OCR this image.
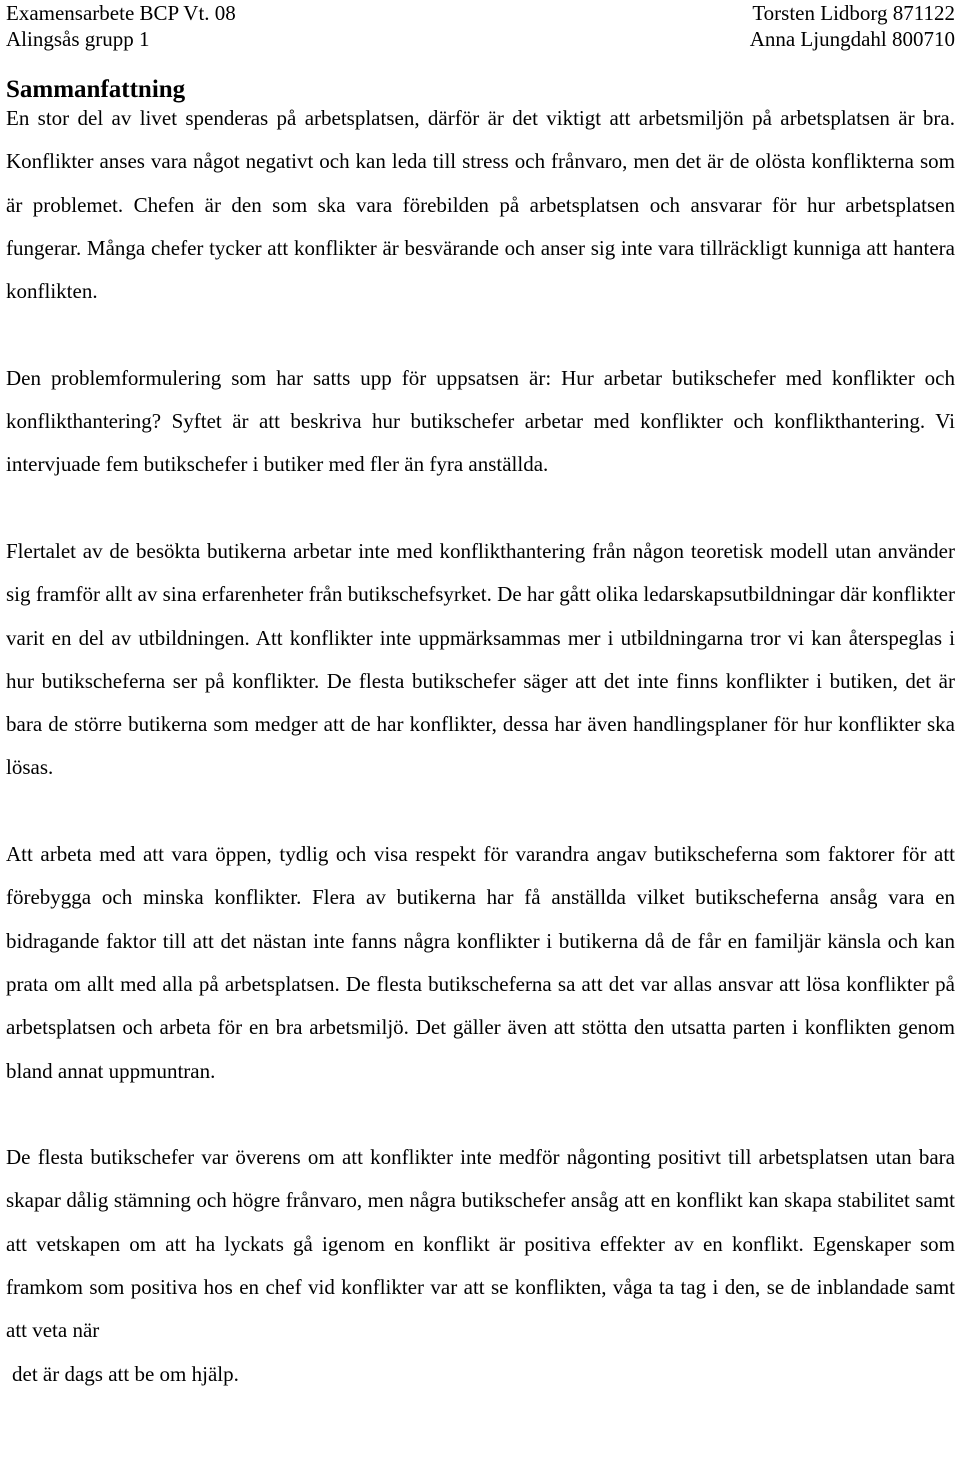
Examensarbete BCP Vt. 08
Alingsås grupp 1
Torsten Lidborg 871122
Anna Ljungdahl 800710
Sammanfattning

En stor del av livet spenderas på arbetsplatsen, därför är det viktigt att arbetsmiljön på arbetsplatsen är bra. Konflikter anses vara något negativt och kan leda till stress och frånvaro, men det är de olösta konflikterna som är problemet. Chefen är den som ska vara förebilden på arbetsplatsen och ansvarar för hur arbetsplatsen fungerar. Många chefer tycker att konflikter är besvärande och anser sig inte vara tillräckligt kunniga att hantera konflikten.

Den problemformulering som har satts upp för uppsatsen är: Hur arbetar butikschefer med konflikter och konflikthantering? Syftet är att beskriva hur butikschefer arbetar med konflikter och konflikthantering. Vi intervjuade fem butikschefer i butiker med fler än fyra anställda.

Flertalet av de besökta butikerna arbetar inte med konflikthantering från någon teoretisk modell utan använder sig framför allt av sina erfarenheter från butikschefsyrket. De har gått olika ledarskapsutbildningar där konflikter varit en del av utbildningen. Att konflikter inte uppmärksammas mer i utbildningarna tror vi kan återspeglas i hur butikscheferna ser på konflikter. De flesta butikschefer säger att det inte finns konflikter i butiken, det är bara de större butikerna som medger att de har konflikter, dessa har även handlingsplaner för hur konflikter ska lösas.

Att arbeta med att vara öppen, tydlig och visa respekt för varandra angav butikscheferna som faktorer för att förebygga och minska konflikter. Flera av butikerna har få anställda vilket butikscheferna ansåg vara en bidragande faktor till att det nästan inte fanns några konflikter i butikerna då de får en familjär känsla och kan prata om allt med alla på arbetsplatsen. De flesta butikscheferna sa att det var allas ansvar att lösa konflikter på arbetsplatsen och arbeta för en bra arbetsmiljö. Det gäller även att stötta den utsatta parten i konflikten genom bland annat uppmuntran.

De flesta butikschefer var överens om att konflikter inte medför någonting positivt till arbetsplatsen utan bara skapar dålig stämning och högre frånvaro, men några butikschefer ansåg att en konflikt kan skapa stabilitet samt att vetskapen om att ha lyckats gå igenom en konflikt är positiva effekter av en konflikt. Egenskaper som framkom som positiva hos en chef vid konflikter var att se konflikten, våga ta tag i den, se de inblandade samt att veta när

det är dags att be om hjälp.
